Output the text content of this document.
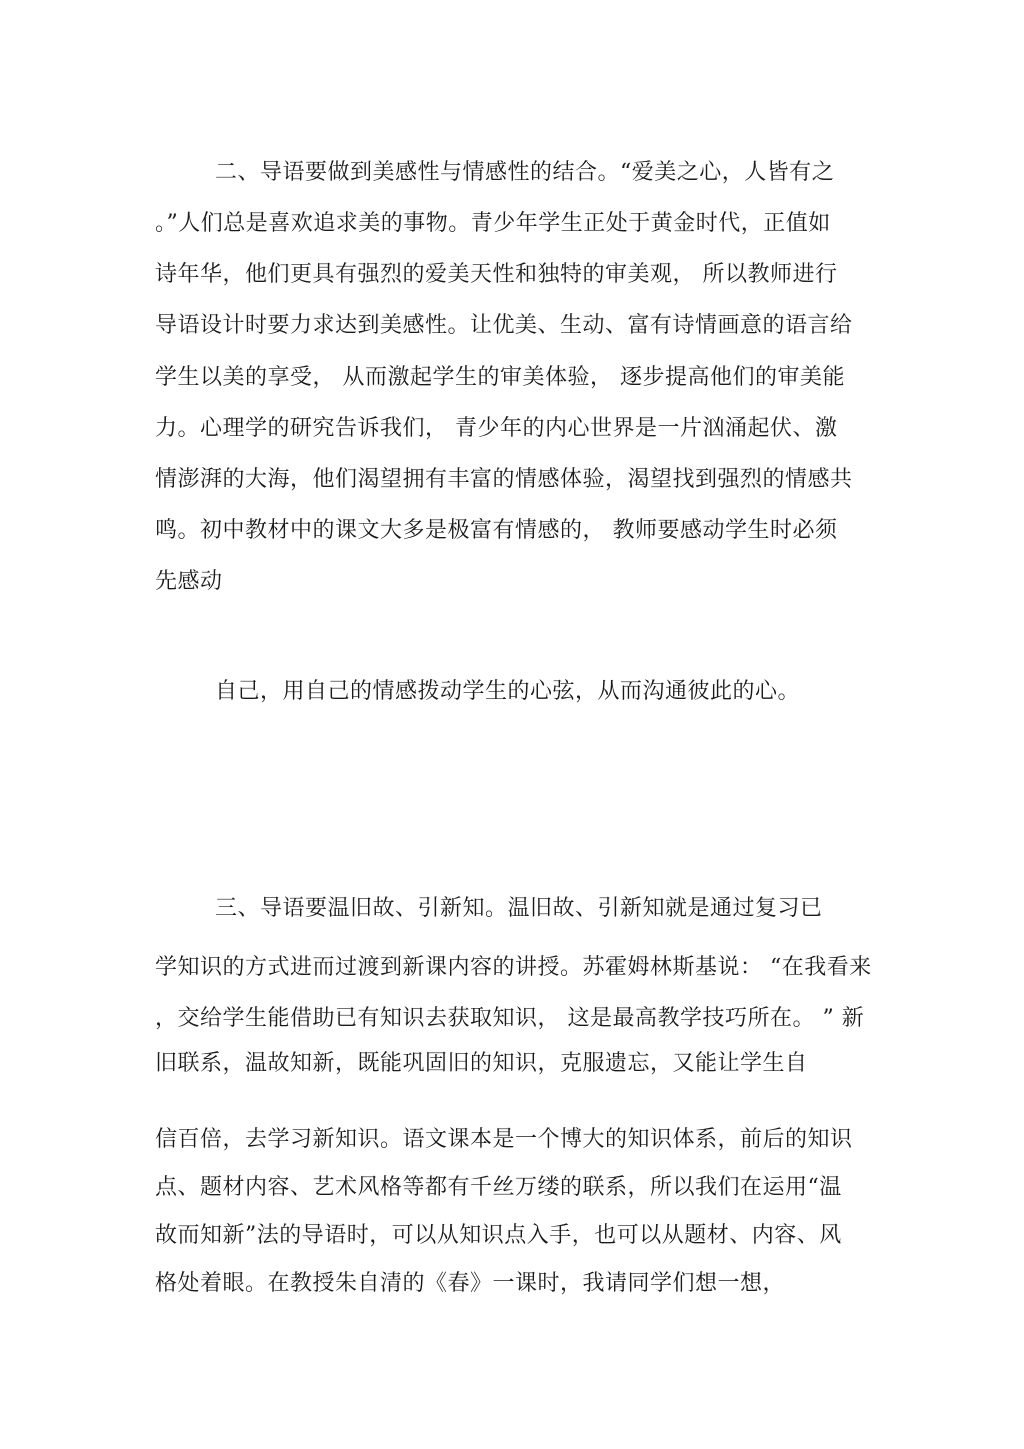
二、导语要做到美感性与情感性的结合。“爱美之心，人皆有之
。”人们总是喜欢追求美的事物。青少年学生正处于黄金时代，正值如
诗年华，他们更具有强烈的爱美天性和独特的审美观， 所以教师进行
导语设计时要力求达到美感性。让优美、生动、富有诗情画意的语言给
学生以美的享受， 从而激起学生的审美体验， 逐步提高他们的审美能
力。心理学的研究告诉我们， 青少年的内心世界是一片汹涌起伏、激
情澎湃的大海，他们渴望拥有丰富的情感体验，渴望找到强烈的情感共
鸣。初中教材中的课文大多是极富有情感的， 教师要感动学生时必须
先感动
自己，用自己的情感拨动学生的心弦，从而沟通彼此的心。
三、导语要温旧故、引新知。温旧故、引新知就是通过复习已
学知识的方式进而过渡到新课内容的讲授。苏霍姆林斯基说： “在我看来
，交给学生能借助已有知识去获取知识， 这是最高教学技巧所在。 ” 新
旧联系，温故知新，既能巩固旧的知识，克服遗忘，又能让学生自
信百倍，去学习新知识。语文课本是一个博大的知识体系，前后的知识
点、题材内容、艺术风格等都有千丝万缕的联系，所以我们在运用“温
故而知新”法的导语时，可以从知识点入手，也可以从题材、内容、风
格处着眼。在教授朱自清的《春》一课时，我请同学们想一想，
